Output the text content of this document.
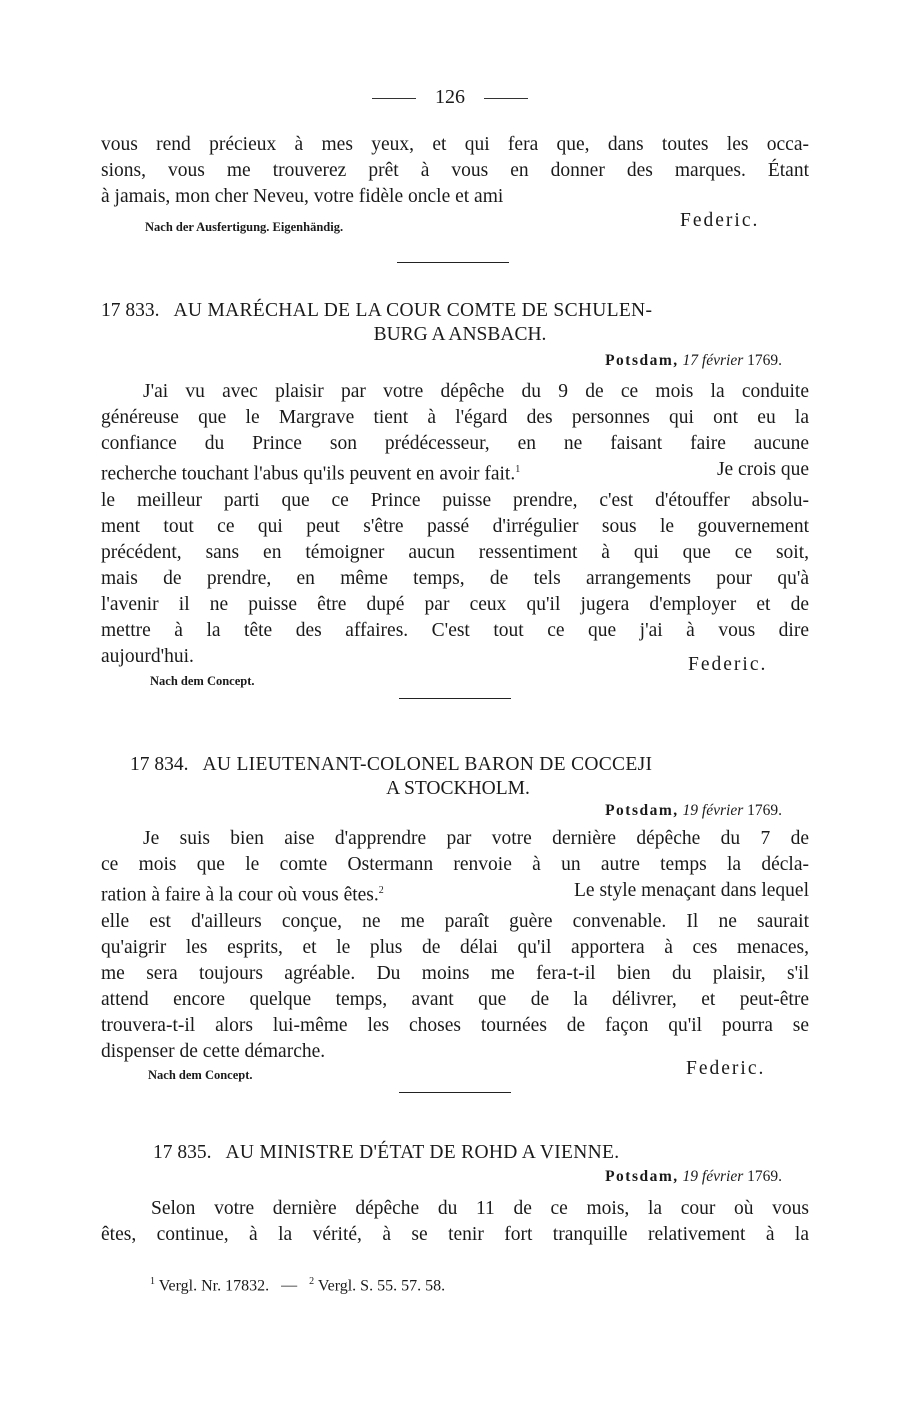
126
vous rend précieux à mes yeux, et qui fera que, dans toutes les occa-
sions, vous me trouverez prêt à vous en donner des marques. Étant
à jamais, mon cher Neveu, votre fidèle oncle et ami
Nach der Ausfertigung. Eigenhändig.	Federic.
17 833. AU MARÉCHAL DE LA COUR COMTE DE SCHULEN-
BURG A ANSBACH.
Potsdam, 17 février 1769.
J'ai vu avec plaisir par votre dépêche du 9 de ce mois la conduite
généreuse que le Margrave tient à l'égard des personnes qui ont eu la
confiance du Prince son prédécesseur, en ne faisant faire aucune
recherche touchant l'abus qu'ils peuvent en avoir fait.$^1$	Je crois que
le meilleur parti que ce Prince puisse prendre, c'est d'étouffer absolu-
ment tout ce qui peut s'être passé d'irrégulier sous le gouvernement
précédent, sans en témoigner aucun ressentiment à qui que ce soit,
mais de prendre, en même temps, de tels arrangements pour qu'à
l'avenir il ne puisse être dupé par ceux qu'il jugera d'employer et de
mettre à la tête des affaires. C'est tout ce que j'ai à vous dire
aujourd'hui.	Federic.
Nach dem Concept.
17 834. AU LIEUTENANT-COLONEL BARON DE COCCEJI
A STOCKHOLM.
Potsdam, 19 février 1769.
Je suis bien aise d'apprendre par votre dernière dépêche du 7 de
ce mois que le comte Ostermann renvoie à un autre temps la décla-
ration à faire à la cour où vous êtes.$^2$	Le style menaçant dans lequel
elle est d'ailleurs conçue, ne me paraît guère convenable. Il ne saurait
qu'aigrir les esprits, et le plus de délai qu'il apportera à ces menaces,
me sera toujours agréable. Du moins me fera-t-il bien du plaisir, s'il
attend encore quelque temps, avant que de la délivrer, et peut-être
trouvera-t-il alors lui-même les choses tournées de façon qu'il pourra se
dispenser de cette démarche.
Nach dem Concept.	Federic.
17 835. AU MINISTRE D'ÉTAT DE ROHD A VIENNE.
Potsdam, 19 février 1769.
Selon votre dernière dépêche du 11 de ce mois, la cour où vous
êtes, continue, à la vérité, à se tenir fort tranquille relativement à la
$^1$ Vergl. Nr. 17832. — $^2$ Vergl. S. 55. 57. 58.
